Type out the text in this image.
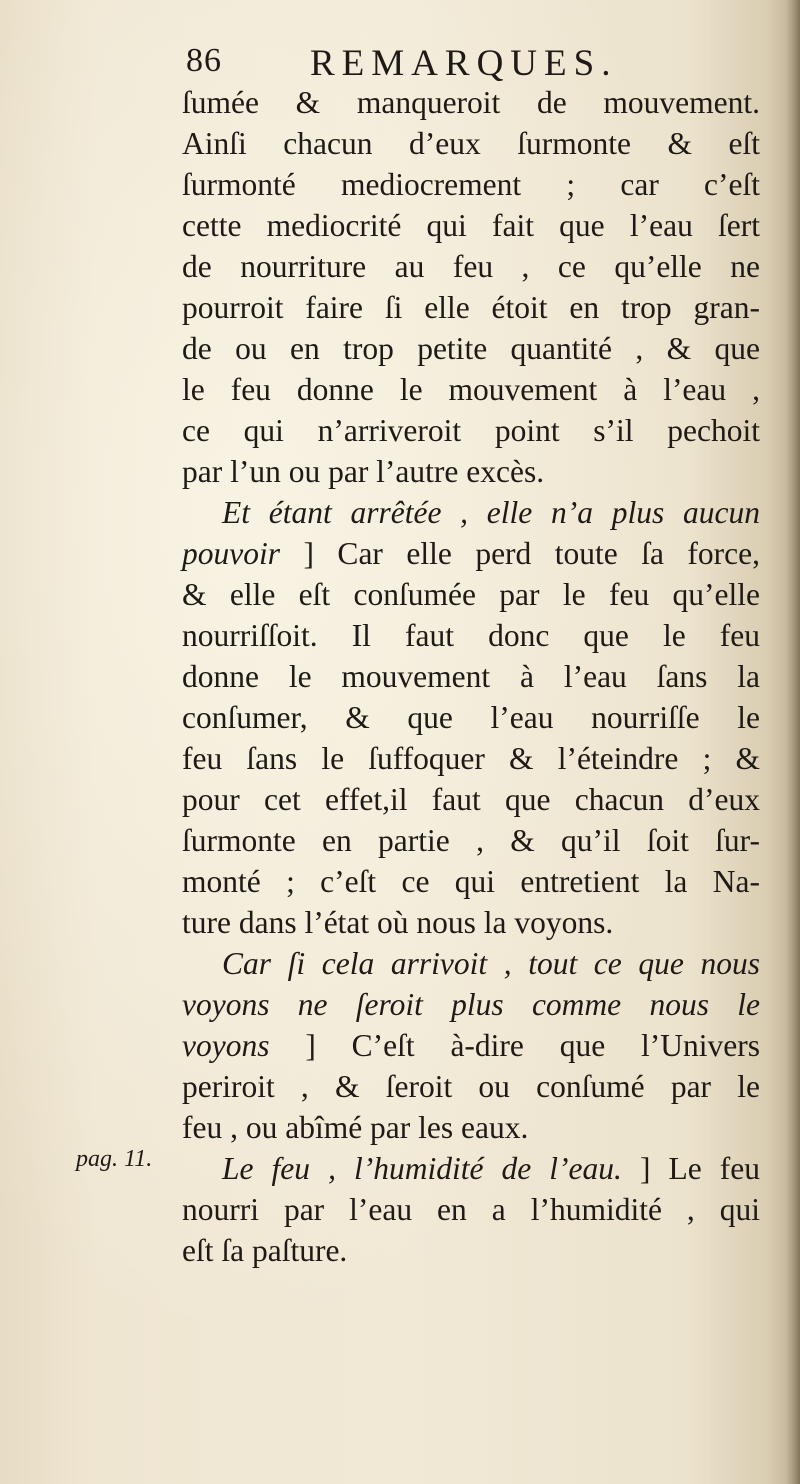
86 REMARQUES.
pag. 11.
ſumée & manqueroit de mouvement.
Ainſi chacun d’eux ſurmonte & eſt
ſurmonté mediocrement ; car c’eſt
cette mediocrité qui fait que l’eau ſert
de nourriture au feu , ce qu’elle ne
pourroit faire ſi elle étoit en trop gran-
de ou en trop petite quantité , & que
le feu donne le mouvement à l’eau ,
ce qui n’arriveroit point s’il pechoit
par l’un ou par l’autre excès.
Et étant arrêtée , elle n’a plus aucun
pouvoir ] Car elle perd toute ſa force,
& elle eſt conſumée par le feu qu’elle
nourriſſoit. Il faut donc que le feu
donne le mouvement à l’eau ſans la
conſumer, & que l’eau nourriſſe le
feu ſans le ſuffoquer & l’éteindre ; &
pour cet effet,il faut que chacun d’eux
ſurmonte en partie , & qu’il ſoit ſur-
monté ; c’eſt ce qui entretient la Na-
ture dans l’état où nous la voyons.
Car ſi cela arrivoit , tout ce que nous
voyons ne ſeroit plus comme nous le
voyons ] C’eſt à-dire que l’Univers
periroit , & ſeroit ou conſumé par le
feu , ou abîmé par les eaux.
Le feu , l’humidité de l’eau. ] Le feu
nourri par l’eau en a l’humidité , qui
eſt ſa paſture.
